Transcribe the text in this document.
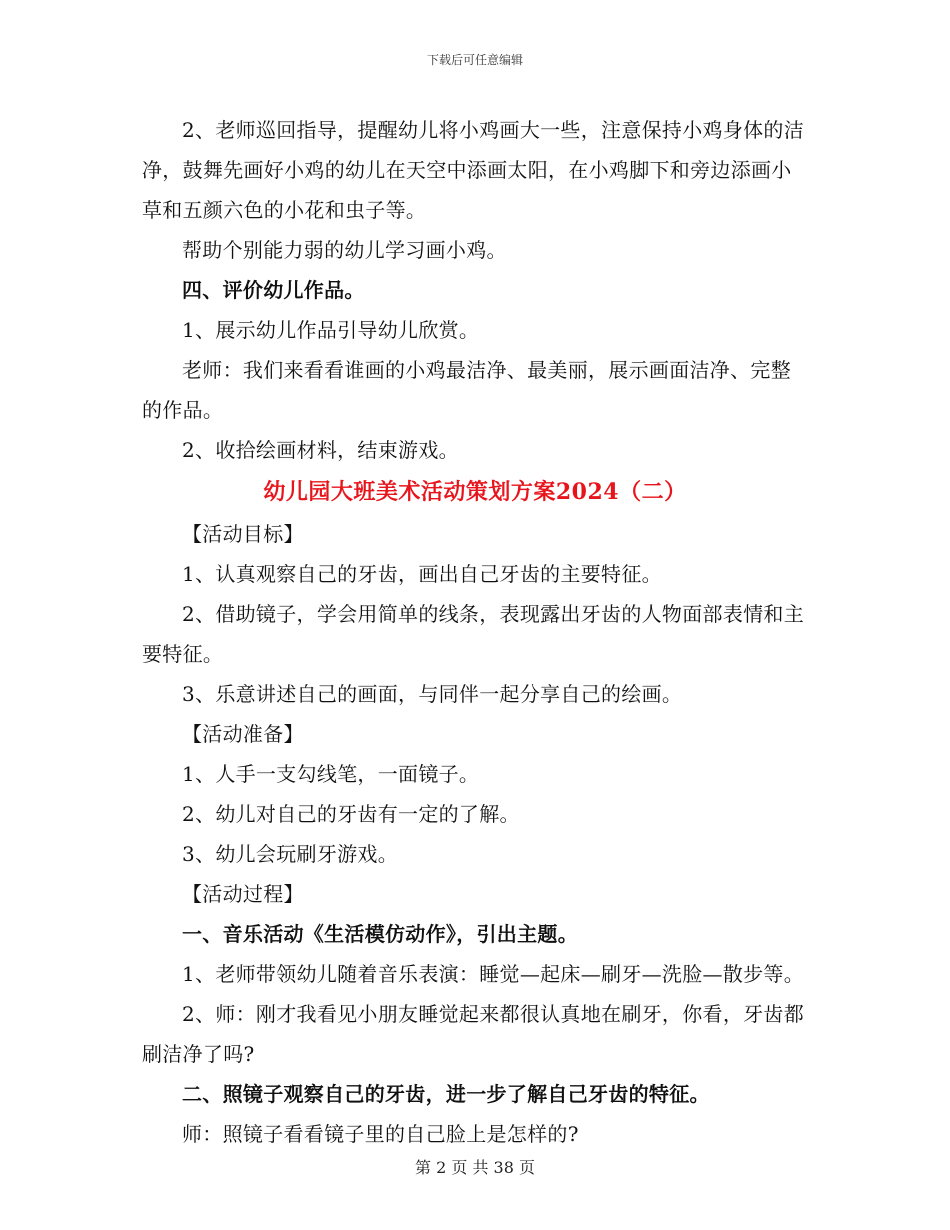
下载后可任意编辑

2、老师巡回指导，提醒幼儿将小鸡画大一些，注意保持小鸡身体的洁净，鼓舞先画好小鸡的幼儿在天空中添画太阳，在小鸡脚下和旁边添画小草和五颜六色的小花和虫子等。

帮助个别能力弱的幼儿学习画小鸡。

四、评价幼儿作品。

1、展示幼儿作品引导幼儿欣赏。

老师：我们来看看谁画的小鸡最洁净、最美丽，展示画面洁净、完整的作品。

2、收拾绘画材料，结束游戏。

幼儿园大班美术活动策划方案2024（二）

【活动目标】

1、认真观察自己的牙齿，画出自己牙齿的主要特征。

2、借助镜子，学会用简单的线条，表现露出牙齿的人物面部表情和主要特征。

3、乐意讲述自己的画面，与同伴一起分享自己的绘画。

【活动准备】

1、人手一支勾线笔，一面镜子。

2、幼儿对自己的牙齿有一定的了解。

3、幼儿会玩刷牙游戏。

【活动过程】

一、音乐活动《生活模仿动作》，引出主题。

1、老师带领幼儿随着音乐表演：睡觉—起床—刷牙—洗脸—散步等。

2、师：刚才我看见小朋友睡觉起来都很认真地在刷牙，你看，牙齿都刷洁净了吗?

二、照镜子观察自己的牙齿，进一步了解自己牙齿的特征。

师：照镜子看看镜子里的自己脸上是怎样的?

第 2 页 共 38 页
